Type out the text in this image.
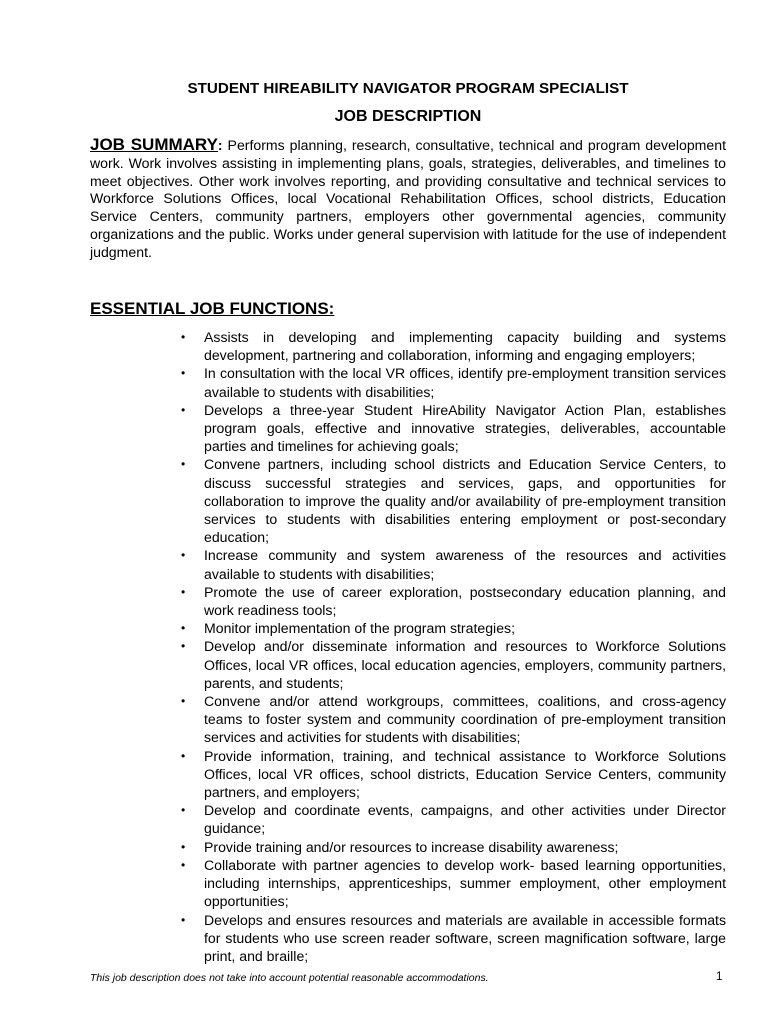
STUDENT HIREABILITY NAVIGATOR PROGRAM SPECIALIST

JOB DESCRIPTION

JOB SUMMARY: Performs planning, research, consultative, technical and program development work. Work involves assisting in implementing plans, goals, strategies, deliverables, and timelines to meet objectives. Other work involves reporting, and providing consultative and technical services to Workforce Solutions Offices, local Vocational Rehabilitation Offices, school districts, Education Service Centers, community partners, employers other governmental agencies, community organizations and the public. Works under general supervision with latitude for the use of independent judgment.

ESSENTIAL JOB FUNCTIONS:

• Assists in developing and implementing capacity building and systems development, partnering and collaboration, informing and engaging employers;
• In consultation with the local VR offices, identify pre-employment transition services available to students with disabilities;
• Develops a three-year Student HireAbility Navigator Action Plan, establishes program goals, effective and innovative strategies, deliverables, accountable parties and timelines for achieving goals;
• Convene partners, including school districts and Education Service Centers, to discuss successful strategies and services, gaps, and opportunities for collaboration to improve the quality and/or availability of pre-employment transition services to students with disabilities entering employment or post-secondary education;
• Increase community and system awareness of the resources and activities available to students with disabilities;
• Promote the use of career exploration, postsecondary education planning, and work readiness tools;
• Monitor implementation of the program strategies;
• Develop and/or disseminate information and resources to Workforce Solutions Offices, local VR offices, local education agencies, employers, community partners, parents, and students;
• Convene and/or attend workgroups, committees, coalitions, and cross-agency teams to foster system and community coordination of pre-employment transition services and activities for students with disabilities;
• Provide information, training, and technical assistance to Workforce Solutions Offices, local VR offices, school districts, Education Service Centers, community partners, and employers;
• Develop and coordinate events, campaigns, and other activities under Director guidance;
• Provide training and/or resources to increase disability awareness;
• Collaborate with partner agencies to develop work- based learning opportunities, including internships, apprenticeships, summer employment, other employment opportunities;
• Develops and ensures resources and materials are available in accessible formats for students who use screen reader software, screen magnification software, large print, and braille;

This job description does not take into account potential reasonable accommodations.	1
